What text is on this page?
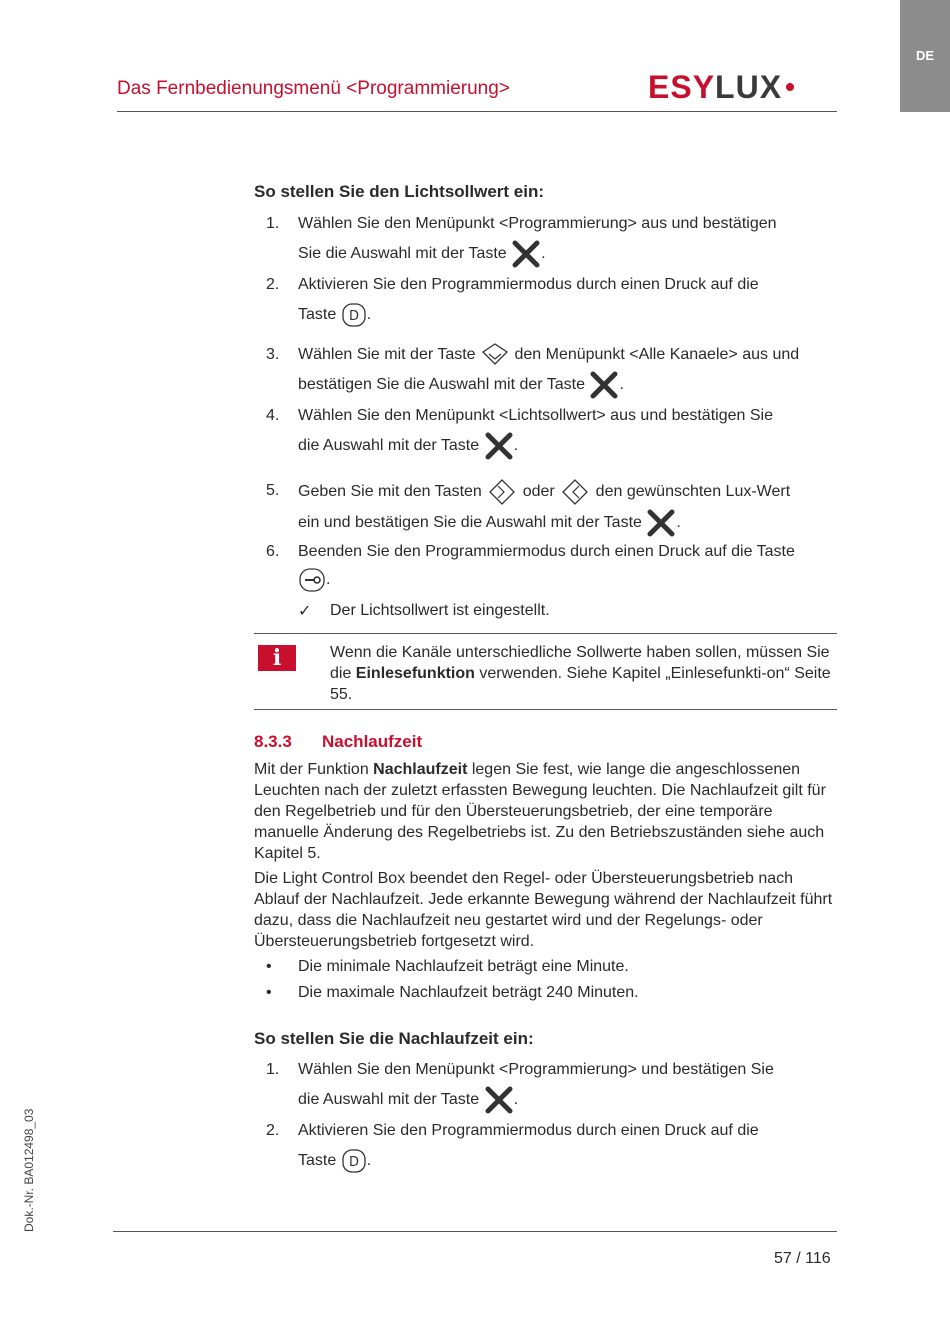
DE
Das Fernbedienungsmenü <Programmierung>	ESY LUX
So stellen Sie den Lichtsollwert ein:
1. Wählen Sie den Menüpunkt <Programmierung> aus und bestätigen
Sie die Auswahl mit der Taste .
2. Aktivieren Sie den Programmiermodus durch einen Druck auf die
Taste D .
3. Wählen Sie mit der Taste den Menüpunkt <Alle Kanaele> aus und
bestätigen Sie die Auswahl mit der Taste .
4. Wählen Sie den Menüpunkt <Lichtsollwert> aus und bestätigen Sie
die Auswahl mit der Taste .
5. Geben Sie mit den Tasten	oder	den gewünschten Lux-Wert
ein und bestätigen Sie die Auswahl mit der Taste .
6. Beenden Sie den Programmiermodus durch einen Druck auf die Taste
.
✓ Der Lichtsollwert ist eingestellt.
i	Wenn die Kanäle unterschiedliche Sollwerte haben sollen, müssen Sie die Einlesefunktion verwenden. Siehe Kapitel „Einlesefunkti-on“ Seite 55.
8.3.3 Nachlaufzeit
Mit der Funktion Nachlaufzeit legen Sie fest, wie lange die angeschlossenen Leuchten nach der zuletzt erfassten Bewegung leuchten. Die Nachlaufzeit gilt für den Regelbetrieb und für den Übersteuerungsbetrieb, der eine temporäre manuelle Änderung des Regelbetriebs ist. Zu den Betriebszuständen siehe auch Kapitel 5.
Die Light Control Box beendet den Regel- oder Übersteuerungsbetrieb nach Ablauf der Nachlaufzeit. Jede erkannte Bewegung während der Nachlaufzeit führt dazu, dass die Nachlaufzeit neu gestartet wird und der Regelungs- oder Übersteuerungsbetrieb fortgesetzt wird.
• Die minimale Nachlaufzeit beträgt eine Minute.
• Die maximale Nachlaufzeit beträgt 240 Minuten.
So stellen Sie die Nachlaufzeit ein:
1. Wählen Sie den Menüpunkt <Programmierung> und bestätigen Sie
die Auswahl mit der Taste .
2. Aktivieren Sie den Programmiermodus durch einen Druck auf die
Taste D .
Dok.-Nr. BA012498_03
57 / 116
